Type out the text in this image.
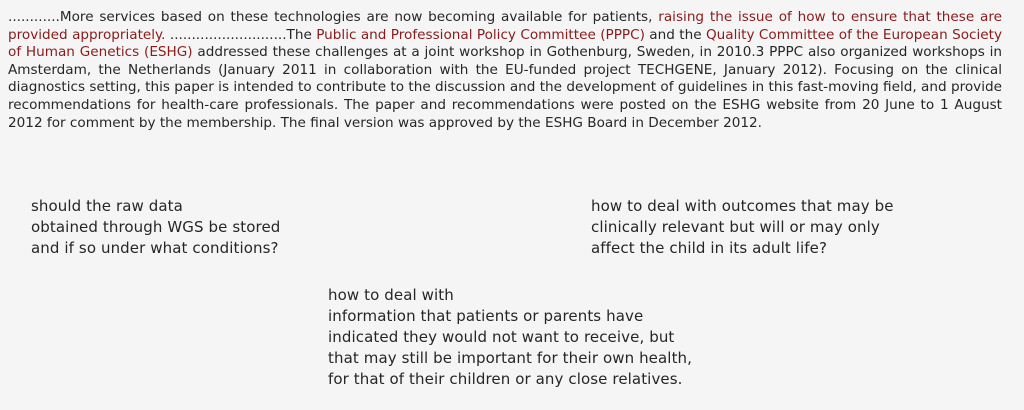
............More services based on these technologies are now becoming available for patients, raising the issue of how to ensure that these are provided appropriately. ...........................The Public and Professional Policy Committee (PPPC) and the Quality Committee of the European Society of Human Genetics (ESHG) addressed these challenges at a joint workshop in Gothenburg, Sweden, in 2010.3 PPPC also organized workshops in Amsterdam, the Netherlands (January 2011 in collaboration with the EU-funded project TECHGENE, January 2012). Focusing on the clinical diagnostics setting, this paper is intended to contribute to the discussion and the development of guidelines in this fast-moving field, and provide recommendations for health-care professionals. The paper and recommendations were posted on the ESHG website from 20 June to 1 August 2012 for comment by the membership. The final version was approved by the ESHG Board in December 2012.
should the raw data
obtained through WGS be stored
and if so under what conditions?
how to deal with outcomes that may be
clinically relevant but will or may only
affect the child in its adult life?
how to deal with
information that patients or parents have
indicated they would not want to receive, but
that may still be important for their own health,
for that of their children or any close relatives.
